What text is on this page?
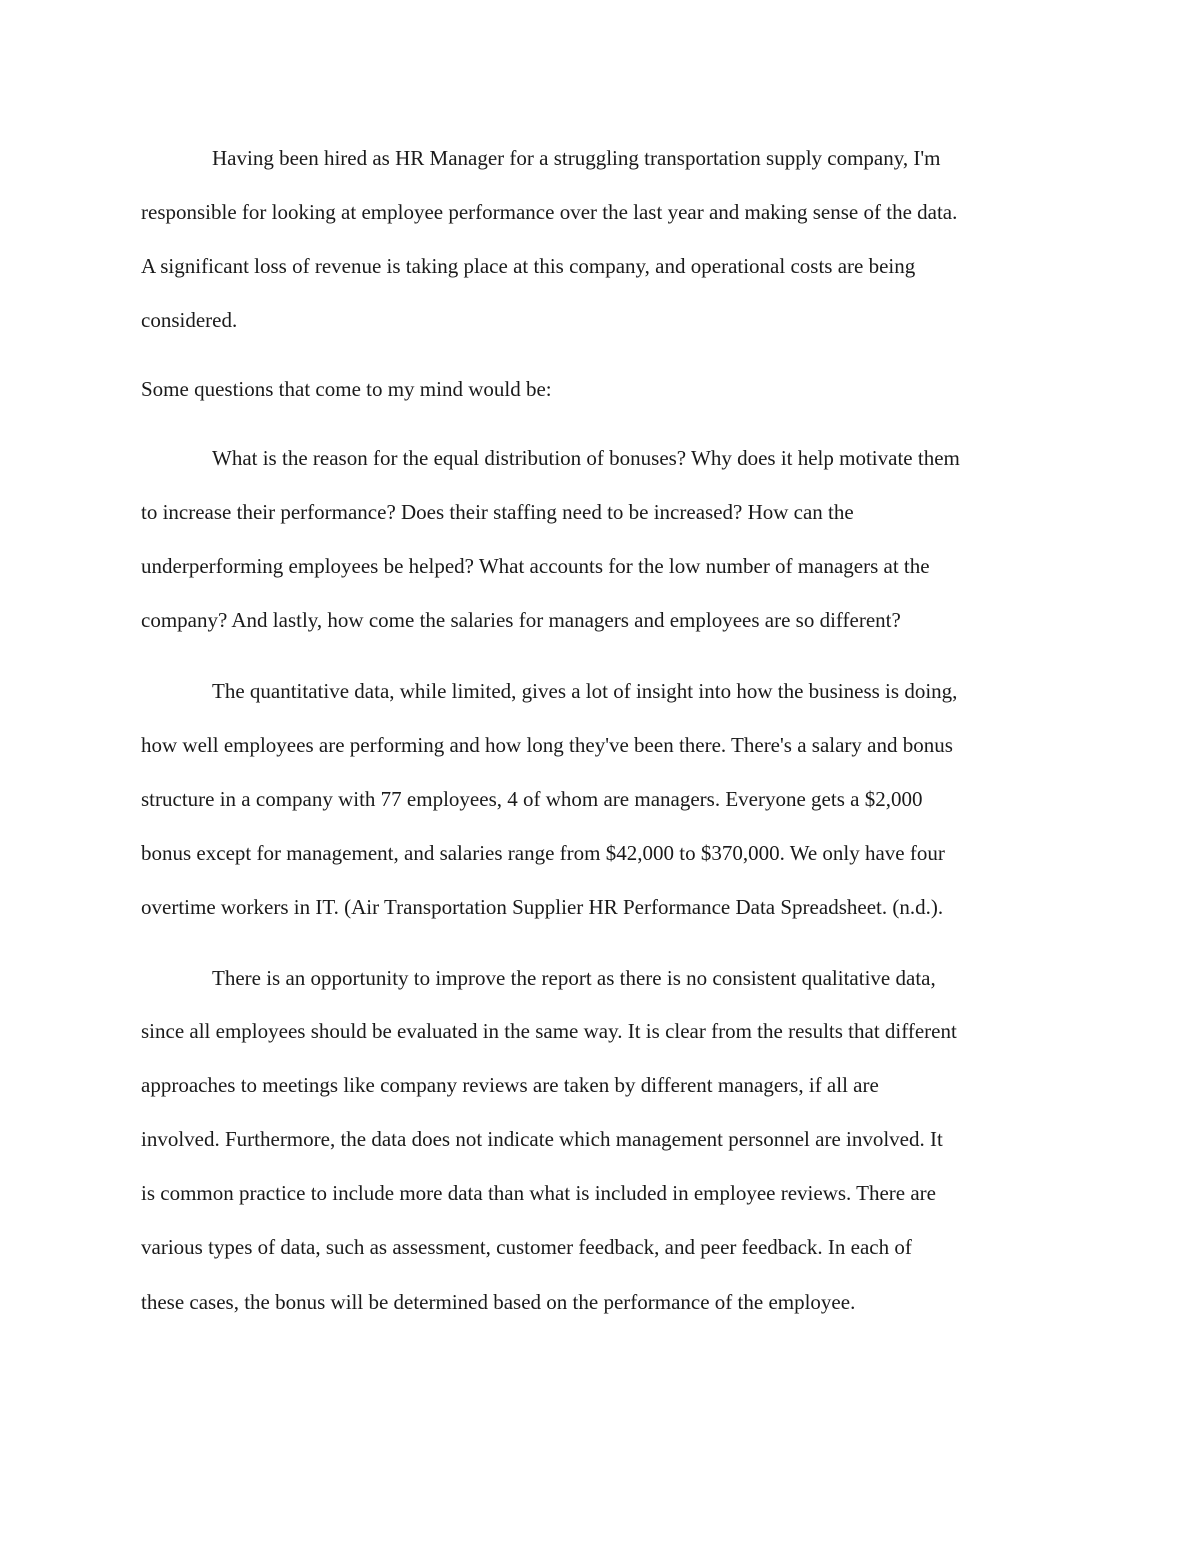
Having been hired as HR Manager for a struggling transportation supply company, I'm

responsible for looking at employee performance over the last year and making sense of the data.

A significant loss of revenue is taking place at this company, and operational costs are being

considered.

Some questions that come to my mind would be:

What is the reason for the equal distribution of bonuses? Why does it help motivate them

to increase their performance? Does their staffing need to be increased? How can the

underperforming employees be helped? What accounts for the low number of managers at the

company? And lastly, how come the salaries for managers and employees are so different?

The quantitative data, while limited, gives a lot of insight into how the business is doing,

how well employees are performing and how long they've been there. There's a salary and bonus

structure in a company with 77 employees, 4 of whom are managers. Everyone gets a $2,000

bonus except for management, and salaries range from $42,000 to $370,000. We only have four

overtime workers in IT. (Air Transportation Supplier HR Performance Data Spreadsheet. (n.d.).

There is an opportunity to improve the report as there is no consistent qualitative data,

since all employees should be evaluated in the same way. It is clear from the results that different

approaches to meetings like company reviews are taken by different managers, if all are

involved. Furthermore, the data does not indicate which management personnel are involved. It

is common practice to include more data than what is included in employee reviews. There are

various types of data, such as assessment, customer feedback, and peer feedback. In each of

these cases, the bonus will be determined based on the performance of the employee.
